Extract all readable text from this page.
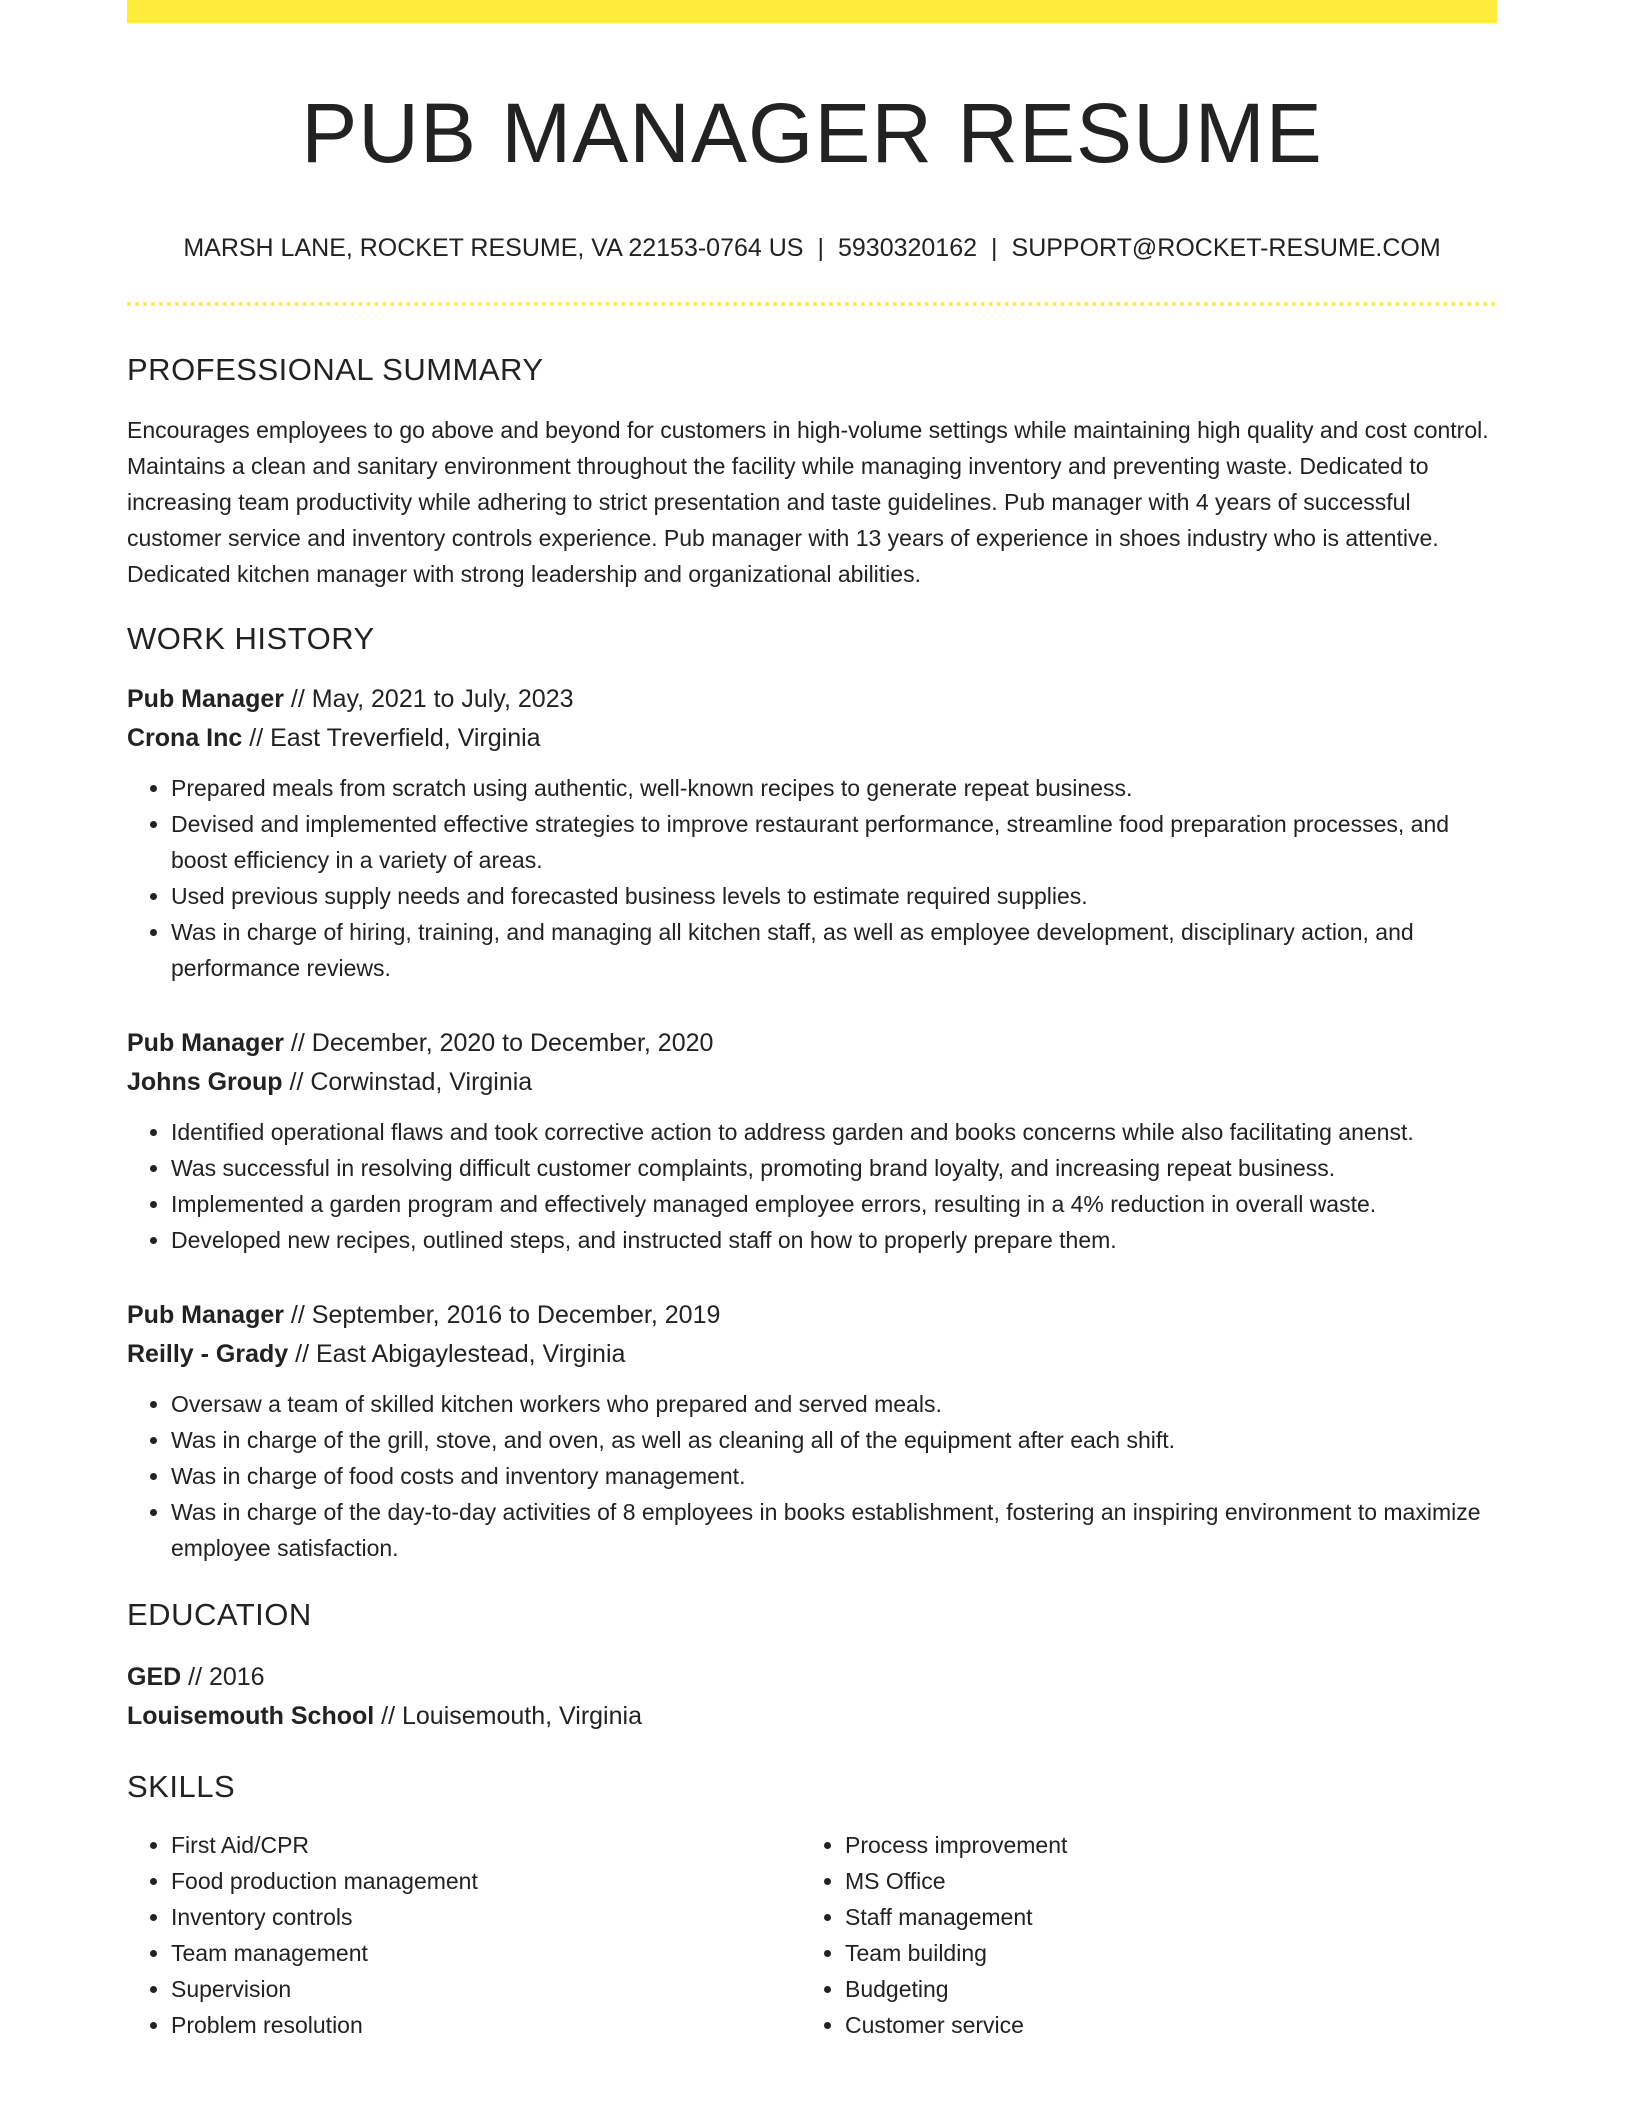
PUB MANAGER RESUME
MARSH LANE, ROCKET RESUME, VA 22153-0764 US | 5930320162 | SUPPORT@ROCKET-RESUME.COM
PROFESSIONAL SUMMARY

Encourages employees to go above and beyond for customers in high-volume settings while maintaining high quality and cost control. Maintains a clean and sanitary environment throughout the facility while managing inventory and preventing waste. Dedicated to increasing team productivity while adhering to strict presentation and taste guidelines. Pub manager with 4 years of successful customer service and inventory controls experience. Pub manager with 13 years of experience in shoes industry who is attentive. Dedicated kitchen manager with strong leadership and organizational abilities.

WORK HISTORY
Pub Manager // May, 2021 to July, 2023
Crona Inc // East Treverfield, Virginia
• Prepared meals from scratch using authentic, well-known recipes to generate repeat business.
• Devised and implemented effective strategies to improve restaurant performance, streamline food preparation processes, and boost efficiency in a variety of areas.
• Used previous supply needs and forecasted business levels to estimate required supplies.
• Was in charge of hiring, training, and managing all kitchen staff, as well as employee development, disciplinary action, and performance reviews.
Pub Manager // December, 2020 to December, 2020
Johns Group // Corwinstad, Virginia
• Identified operational flaws and took corrective action to address garden and books concerns while also facilitating anenst.
• Was successful in resolving difficult customer complaints, promoting brand loyalty, and increasing repeat business.
• Implemented a garden program and effectively managed employee errors, resulting in a 4% reduction in overall waste.
• Developed new recipes, outlined steps, and instructed staff on how to properly prepare them.
Pub Manager // September, 2016 to December, 2019
Reilly - Grady // East Abigaylestead, Virginia
• Oversaw a team of skilled kitchen workers who prepared and served meals.
• Was in charge of the grill, stove, and oven, as well as cleaning all of the equipment after each shift.
• Was in charge of food costs and inventory management.
• Was in charge of the day-to-day activities of 8 employees in books establishment, fostering an inspiring environment to maximize employee satisfaction.
EDUCATION
GED // 2016
Louisemouth School // Louisemouth, Virginia
SKILLS
• First Aid/CPR
• Food production management
• Inventory controls
• Team management
• Supervision
• Problem resolution
• Process improvement
• MS Office
• Staff management
• Team building
• Budgeting
• Customer service
